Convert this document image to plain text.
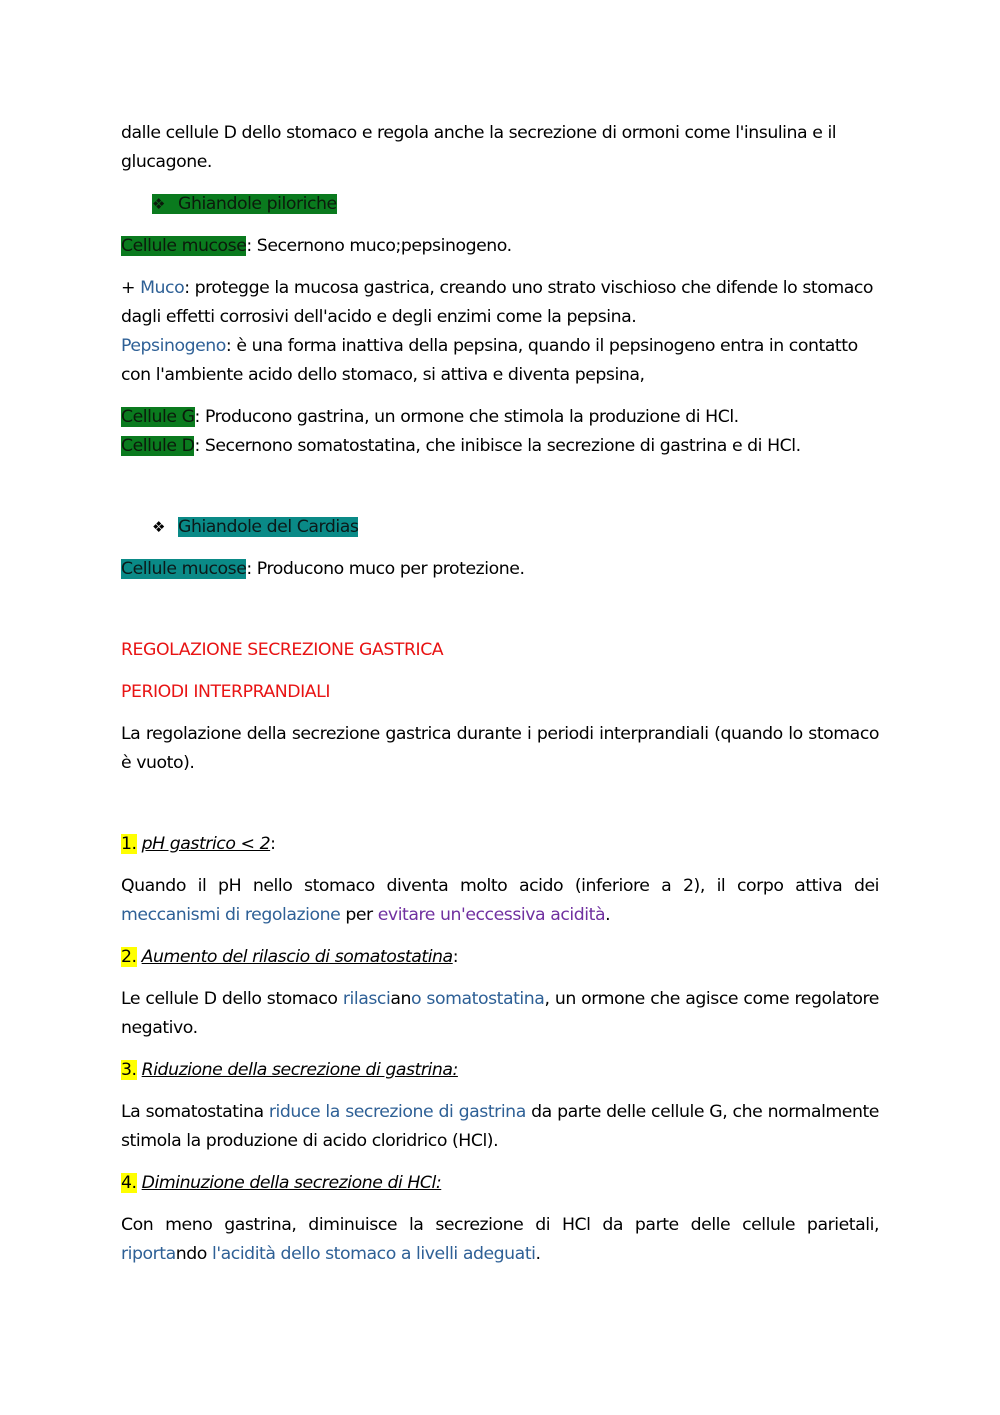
dalle cellule D dello stomaco e regola anche la secrezione di ormoni come l'insulina e il
glucagone.

❖ Ghiandole piloriche

Cellule mucose: Secernono muco;pepsinogeno.

+ Muco: protegge la mucosa gastrica, creando uno strato vischioso che difende lo stomaco dagli effetti corrosivi dell'acido e degli enzimi come la pepsina.
Pepsinogeno: è una forma inattiva della pepsina, quando il pepsinogeno entra in contatto con l'ambiente acido dello stomaco, si attiva e diventa pepsina,

Cellule G: Producono gastrina, un ormone che stimola la produzione di HCl.
Cellule D: Secernono somatostatina, che inibisce la secrezione di gastrina e di HCl.

❖ Ghiandole del Cardias

Cellule mucose: Producono muco per protezione.

REGOLAZIONE SECREZIONE GASTRICA

PERIODI INTERPRANDIALI

La regolazione della secrezione gastrica durante i periodi interprandiali (quando lo stomaco è vuoto).

1. pH gastrico < 2:

Quando il pH nello stomaco diventa molto acido (inferiore a 2), il corpo attiva dei meccanismi di regolazione per evitare un'eccessiva acidità.

2. Aumento del rilascio di somatostatina:

Le cellule D dello stomaco rilasciano somatostatina, un ormone che agisce come regolatore negativo.

3. Riduzione della secrezione di gastrina:

La somatostatina riduce la secrezione di gastrina da parte delle cellule G, che normalmente stimola la produzione di acido cloridrico (HCl).

4. Diminuzione della secrezione di HCl:

Con meno gastrina, diminuisce la secrezione di HCl da parte delle cellule parietali, riportando l'acidità dello stomaco a livelli adeguati.
